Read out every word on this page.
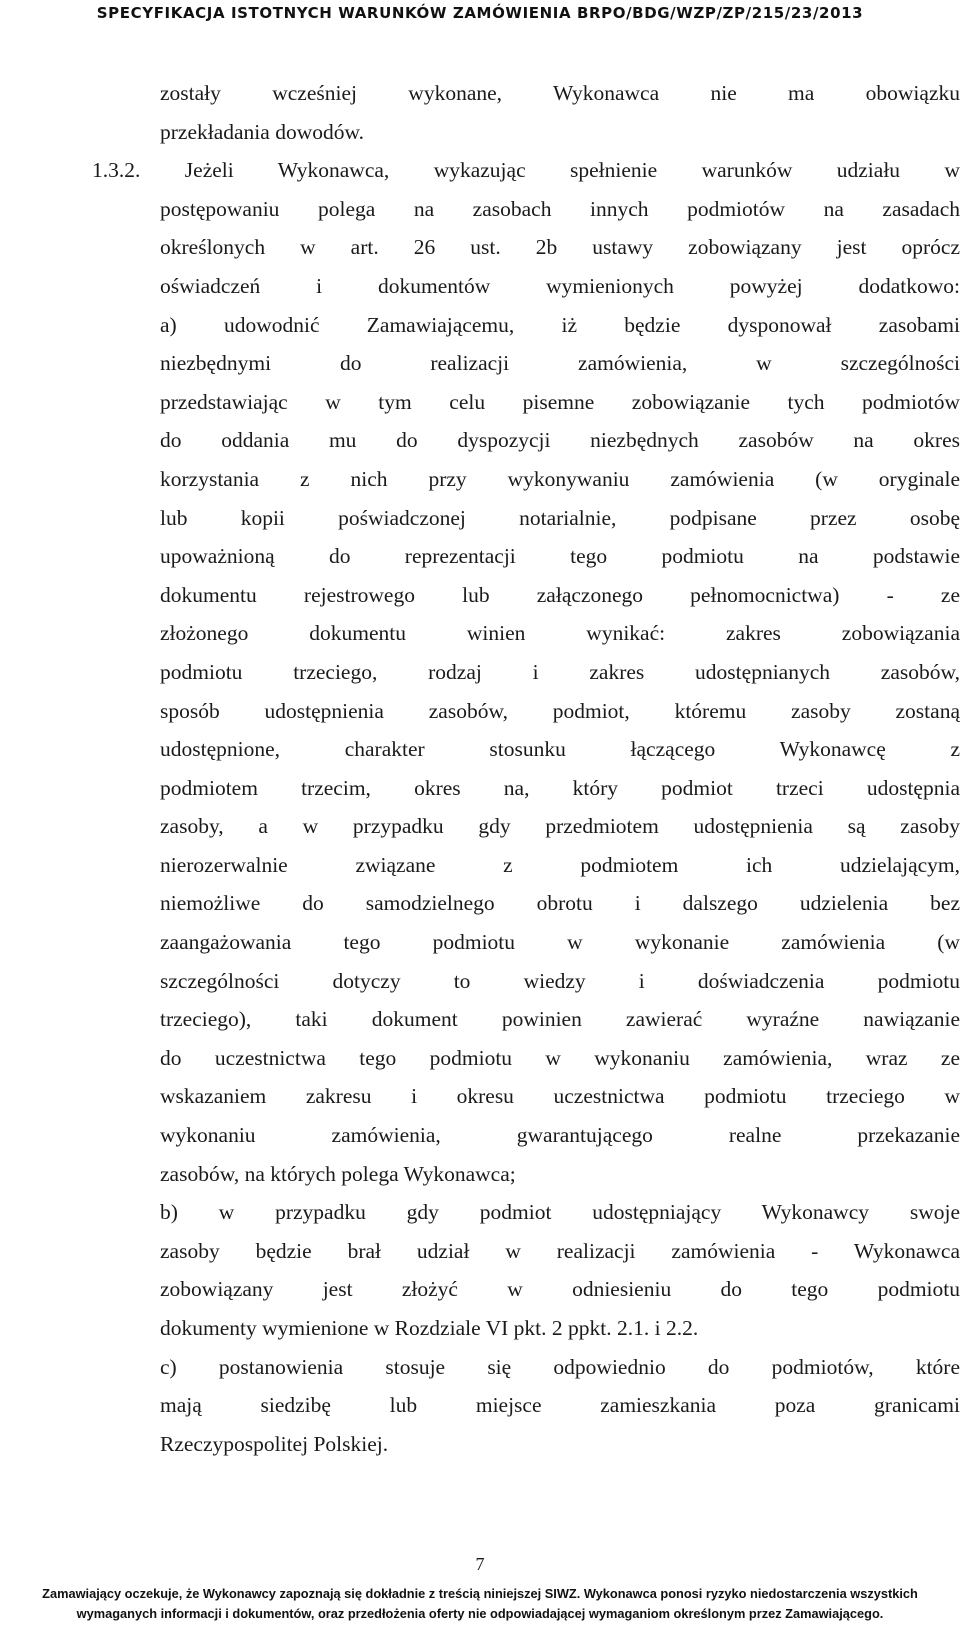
SPECYFIKACJA ISTOTNYCH WARUNKÓW ZAMÓWIENIA BRPO/BDG/WZP/ZP/215/23/2013
zostały wcześniej wykonane, Wykonawca nie ma obowiązku
przekładania dowodów.
1.3.2. Jeżeli Wykonawca, wykazując spełnienie warunków udziału w
postępowaniu polega na zasobach innych podmiotów na zasadach
określonych w art. 26 ust. 2b ustawy zobowiązany jest oprócz
oświadczeń i dokumentów wymienionych powyżej dodatkowo:
a) udowodnić Zamawiającemu, iż będzie dysponował zasobami
niezbędnymi do realizacji zamówienia, w szczególności
przedstawiając w tym celu pisemne zobowiązanie tych podmiotów
do oddania mu do dyspozycji niezbędnych zasobów na okres
korzystania z nich przy wykonywaniu zamówienia (w oryginale
lub kopii poświadczonej notarialnie, podpisane przez osobę
upoważnioną do reprezentacji tego podmiotu na podstawie
dokumentu rejestrowego lub załączonego pełnomocnictwa) - ze
złożonego dokumentu winien wynikać: zakres zobowiązania
podmiotu trzeciego, rodzaj i zakres udostępnianych zasobów,
sposób udostępnienia zasobów, podmiot, któremu zasoby zostaną
udostępnione, charakter stosunku łączącego Wykonawcę z
podmiotem trzecim, okres na, który podmiot trzeci udostępnia
zasoby, a w przypadku gdy przedmiotem udostępnienia są zasoby
nierozerwalnie związane z podmiotem ich udzielającym,
niemożliwe do samodzielnego obrotu i dalszego udzielenia bez
zaangażowania tego podmiotu w wykonanie zamówienia (w
szczególności dotyczy to wiedzy i doświadczenia podmiotu
trzeciego), taki dokument powinien zawierać wyraźne nawiązanie
do uczestnictwa tego podmiotu w wykonaniu zamówienia, wraz ze
wskazaniem zakresu i okresu uczestnictwa podmiotu trzeciego w
wykonaniu zamówienia, gwarantującego realne przekazanie
zasobów, na których polega Wykonawca;
b) w przypadku gdy podmiot udostępniający Wykonawcy swoje
zasoby będzie brał udział w realizacji zamówienia - Wykonawca
zobowiązany jest złożyć w odniesieniu do tego podmiotu
dokumenty wymienione w Rozdziale VI pkt. 2 ppkt. 2.1. i 2.2.
c) postanowienia stosuje się odpowiednio do podmiotów, które
mają siedzibę lub miejsce zamieszkania poza granicami
Rzeczypospolitej Polskiej.
7
Zamawiający oczekuje, że Wykonawcy zapoznają się dokładnie z treścią niniejszej SIWZ. Wykonawca ponosi ryzyko niedostarczenia wszystkich
wymaganych informacji i dokumentów, oraz przedłożenia oferty nie odpowiadającej wymaganiom określonym przez Zamawiającego.
